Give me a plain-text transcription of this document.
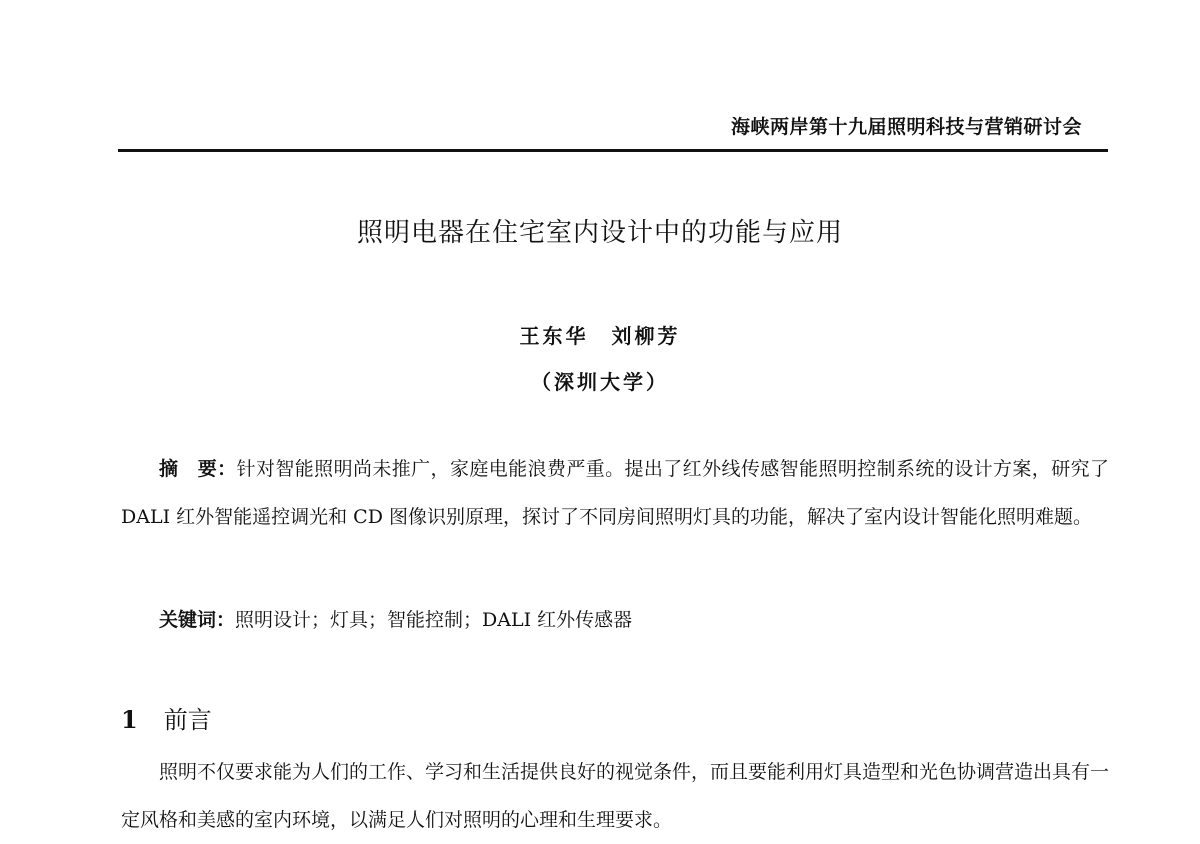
海峡两岸第十九届照明科技与营销研讨会
照明电器在住宅室内设计中的功能与应用
王东华　刘柳芳
（深圳大学）
摘　要：针对智能照明尚未推广，家庭电能浪费严重。提出了红外线传感智能照明控制系统的设计方案，研究了 DALI 红外智能遥控调光和 CD 图像识别原理，探讨了不同房间照明灯具的功能，解决了室内设计智能化照明难题。
关键词：照明设计；灯具；智能控制；DALI 红外传感器
1 前言
照明不仅要求能为人们的工作、学习和生活提供良好的视觉条件，而且要能利用灯具造型和光色协调营造出具有一定风格和美感的室内环境，以满足人们对照明的心理和生理要求。
